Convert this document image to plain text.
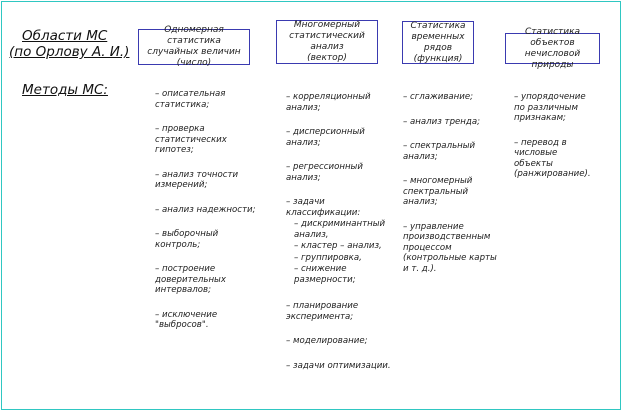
Области МС
(по Орлову А. И.)
Методы МС:
Одномерная статистика
случайных величин (число)
Многомерный
статистический анализ
(вектор)
Статистика
временных рядов
(функция)
Статистика объектов
нечисловой природы
– описательная
статистика;
– проверка
статистических
гипотез;
– анализ точности
измерений;
– анализ надежности;
– выборочный
контроль;
– построение
доверительных
интервалов;
– исключение
"выбросов".
– корреляционный
анализ;
– дисперсионный
анализ;
– регрессионный
анализ;
– задачи
классификации:
– дискриминантный
анализ,
– кластер – анализ,
– группировка,
– снижение
размерности;
– планирование
эксперимента;
– моделирование;
– задачи оптимизации.
– сглаживание;
– анализ тренда;
– спектральный
анализ;
– многомерный
спектральный
анализ;
– управление
производственным
процессом
(контрольные карты
и т. д.).
– упорядочение
по различным
признакам;
– перевод в числовые
объекты
(ранжирование).
